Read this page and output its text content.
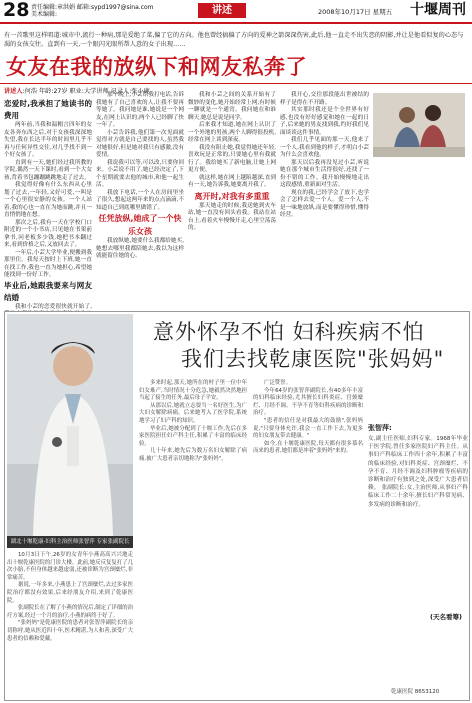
28 责任编辑:章洪娟 邮箱:sypd1997@sina.com
美术编辑:	讲述	2008年10月17日 星期五 十堰周刊
有一首歌里这样唱道:城市中,流行一种病,那是爱绝了菜,偏了它的方向。他也曾经搞偏了方向的爱神之箭深深伤害,此后,他一直走不出失恋的阴影,并让是他看似复的心态与渴的女孩交往。直到有一天,一个眼闪光眼所帮人意的女子出现……
女友在我的放纵下和网友私奔了
讲述人:何浩 年龄:27岁 职业:大学讲师 记录人:张小鹿

恋爱时,我承担了她读书的费用

两年前,当我和温帽言四年的女友各奔东西之后,对于女孩我深深地失望,我在长达半年的时间里几乎不再与任何异性交往,对几乎找不到一个好女孩了。

直到有一天,她们经过我所教的学院,偶然一天下课时,看到一个大女孩,背着书包蹦蹦跳跳地走了过去。

我觉得好像有什么东西从心里划了过去,一年轻,又好可爱,一叫是一个心里很安静的女孩。一个人站着,我的心也一直在为她而跳,并且一直悄悄地在想。

那次之后,我有一天在学校门口附近的一个小书店,只见她在书架前拿书,问老板多少钱,她把书本翻过来,看到价格之后,又放回去了。

一年后,小芸大学毕业,便搬到我那里住。我每天按时上下班,她一直在找工作,我也一直为她担心,希望她能找到一份好工作。

毕业后,她跟我要来与网友结婚

我和小芸的恋爱很快就开始了,

那个晚上,小芸给我打电话,告诉我她有了自己喜欢的人,让我不要再等她了。我问她是谁,她说是一个网友,在网上认识的,两个人已经聊了快一年了。

小芸告诉我,他们第一次见面就觉得对方就是自己要找的人,虽然我对她很好,但是她对我只有感激,没有爱情。

我说我可以等,可以改,只要你回来。小芸说不用了,她已经决定了,下个星期就要去他的城市,和他一起生活。

我放下电话,一个人在房间里坐了很久,想起这两年来的点点滴滴,不知道自己到底哪里做错了。

任凭放纵,她成了一个快乐女孩

我放纵她,她要什么我都给她买,她想去哪里我都陪她去,我以为这样就能留住她的心。

我和小芸之间的关系开始有了微妙的变化,她开始经常上网,有时候一聊就是一个通宵。我问她在和谁聊天,她总是说是同学。

后来我才知道,她在网上认识了一个外地的男孩,两个人聊得很投机,经常在网上谈到深夜。

我没有阻止她,我觉得她还年轻,喜欢玩是正常的,只要她心里有我就行了。我给她买了新电脑,让她上网更方便。

就这样,她在网上越陷越深,直到有一天,她告诉我,她要离开我了。

离开时,对我有多重重

那天她走的时候,我送她到火车站,她一直没有回头看我。我站在站台上,看着火车慢慢开走,心里空荡荡的。

我开心,交往那段能出世被结的样子是得在不开路。

其实那时我还是个全世界有好感,也没有好好感觉和她在一起的日子,后来她的男友找到我,约好我们见面谈谈这件事情。

我们几乎见面的那一天,他来了一个人,我看到他的样子,才明白小芸为什么会喜欢他。

那天以后我再没见过小芸,听说她在那个城市生活得很好,还找了一份不错的工作。我开始慢慢地走出这段感情,重新面对生活。

现在的我,已经学会了放下,也学会了怎样去爱一个人。爱一个人,不是一味地放纵,而是要懂得珍惜,懂得经营。

湖北十堰乾康·妇科主治医师张智萍 专家张副院长
意外怀孕不怕 妇科疾病不怕
我们去找乾康医院"张妈妈"

10月3日下午,26岁的女青年小燕高高兴兴地走出十堰乾康医院的门诊大楼。此前,她反反复复打了几次小胎,不但身体越来越虚弱,还被诊断为宫颈糜烂,非常痛苦。

据说,一年多来,小燕患上了宫颈糜烂,去过多家医院治疗都没有效果,后来经朋友介绍,来到了乾康医院。

张副院长在了解了小燕的情况后,制定了详细的治疗方案,经过一个月的治疗,小燕的病终于好了。

"张妈妈"是乾康医院的患者对张智萍副院长的亲切称呼,她从医近四十年,医术精湛,为人和善,深受广大患者的信赖和爱戴。

多来时起,那天,她所在的村子里一位中年妇女难产,当时情况十分危急,她毅然决然地担当起了接生的任务,最后母子平安。

从那以后,她就立志要当一名好医生,为广大妇女解除病痛。后来她考入了医学院,系统地学习了妇产科的知识。

毕业后,她被分配到了十堰工作,先后在多家医院担任妇产科主任,积累了丰富的临床经验。

几十年来,她先后为数万名妇女解除了病痛,被广大患者亲切地称为"张妈妈"。

广泛赞誉。

今年64岁的张智萍副院长,有40多年丰富的妇科临床经验,尤其擅长妇科炎症、宫颈糜烂、月经不调、不孕不育等妇科疾病的诊断和治疗。

"患者的信任是对我最大的鼓励",张妈妈说,"只要身体允许,我会一直工作下去,为更多的妇女朋友带去健康。"

如今,在十堰乾康医院,每天都有很多慕名而来的患者,她们都是冲着"张妈妈"来的。

张智萍:
女,副主任医师,妇科专家。1968年毕业于医学院,曾任多家医院妇产科主任。从事妇产科临床工作四十余年,积累了丰富的临床经验,对妇科炎症、宫颈糜烂、不孕不育、月经不调及妇科肿瘤等疾病的诊断和治疗有独到之处,深受广大患者信赖。 张副院长:女,主治医师,从事妇产科临床工作二十余年,擅长妇产科常见病、多发病的诊断和治疗。
(天名看筹)
乾康医院 8653120
